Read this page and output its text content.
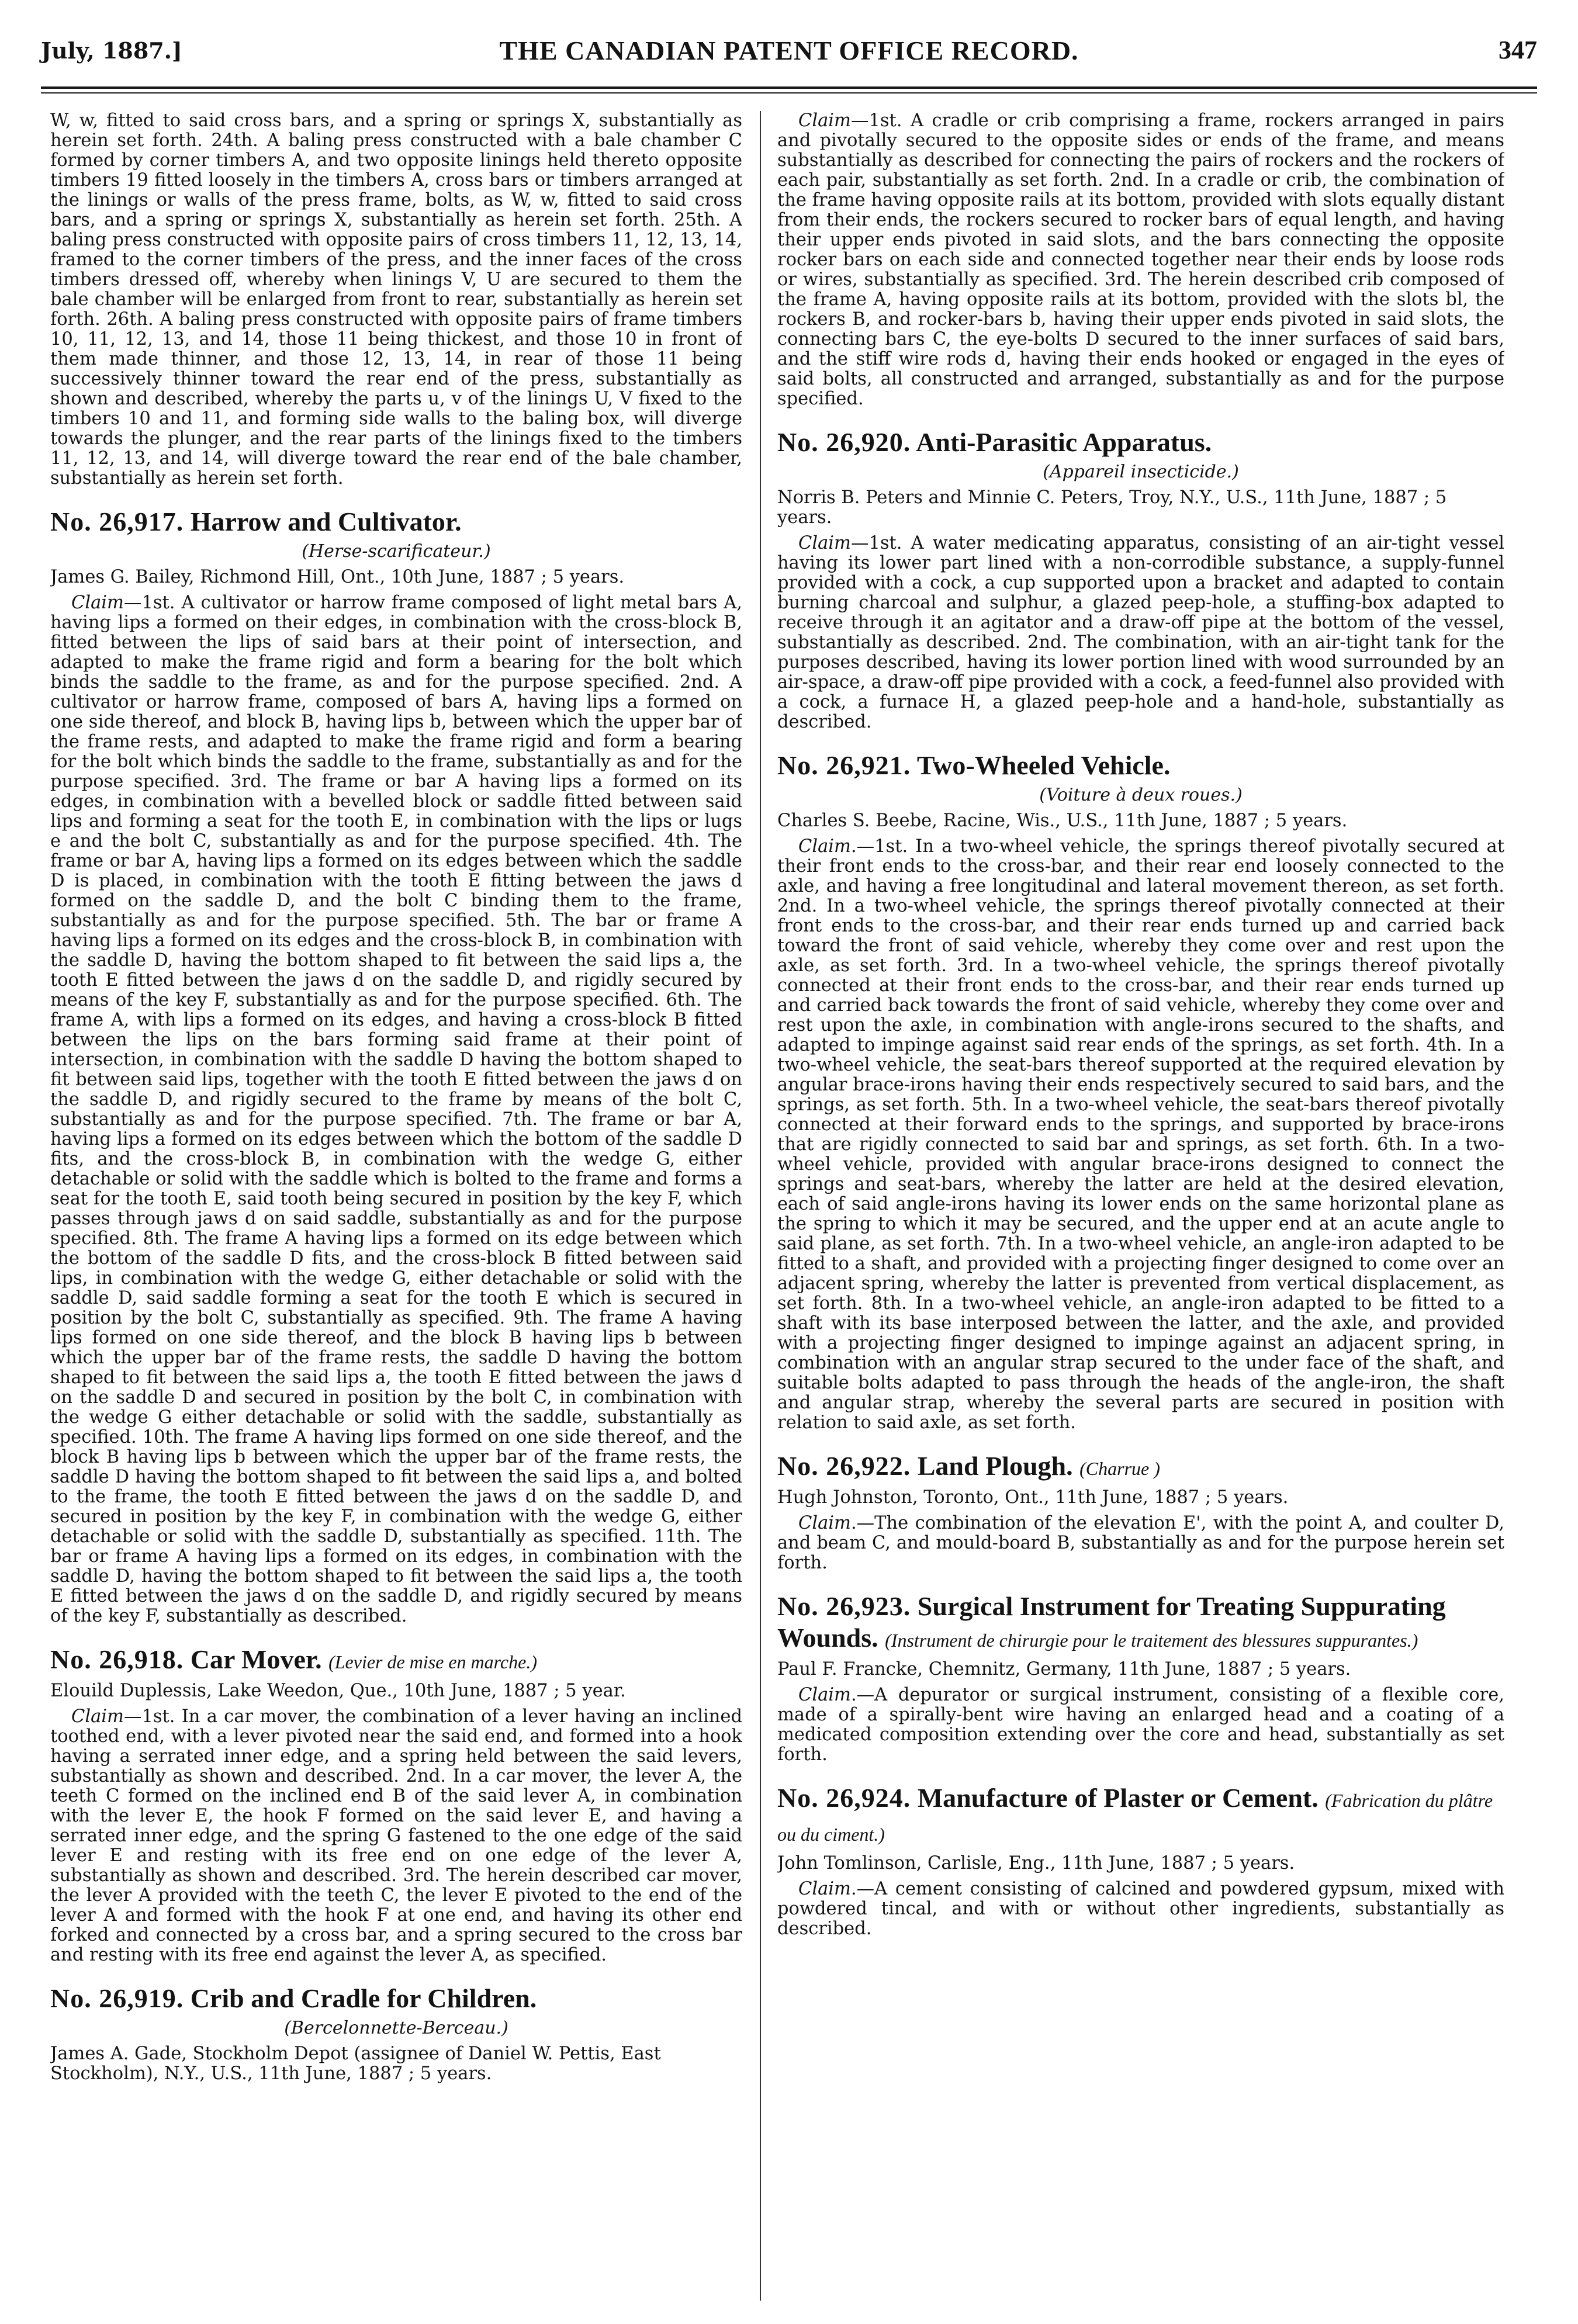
July, 1887.]	THE CANADIAN PATENT OFFICE RECORD.	347

W, w, fitted to said cross bars, and a spring or springs X, substantially as herein set forth. 24th. A baling press constructed with a bale chamber C formed by corner timbers A, and two opposite linings held thereto opposite timbers 19 fitted loosely in the timbers A, cross bars or timbers arranged at the linings or walls of the press frame, bolts, as W, w, fitted to said cross bars, and a spring or springs X, substantially as herein set forth. 25th. A baling press constructed with opposite pairs of cross timbers 11, 12, 13, 14, framed to the corner timbers of the press, and the inner faces of the cross timbers dressed off, whereby when linings V, U are secured to them the bale chamber will be enlarged from front to rear, substantially as herein set forth. 26th. A baling press constructed with opposite pairs of frame timbers 10, 11, 12, 13, and 14, those 11 being thickest, and those 10 in front of them made thinner, and those 12, 13, 14, in rear of those 11 being successively thinner toward the rear end of the press, substantially as shown and described, whereby the parts u, v of the linings U, V fixed to the timbers 10 and 11, and forming side walls to the baling box, will diverge towards the plunger, and the rear parts of the linings fixed to the timbers 11, 12, 13, and 14, will diverge toward the rear end of the bale chamber, substantially as herein set forth.

No. 26,917. Harrow and Cultivator.
(Herse-scarificateur.)
James G. Bailey, Richmond Hill, Ont., 10th June, 1887 ; 5 years.

Claim—1st. A cultivator or harrow frame composed of light metal bars A, having lips a formed on their edges, in combination with the cross-block B, fitted between the lips of said bars at their point of intersection, and adapted to make the frame rigid and form a bearing for the bolt which binds the saddle to the frame, as and for the purpose specified. 2nd. A cultivator or harrow frame, composed of bars A, having lips a formed on one side thereof, and block B, having lips b, between which the upper bar of the frame rests, and adapted to make the frame rigid and form a bearing for the bolt which binds the saddle to the frame, substantially as and for the purpose specified. 3rd. The frame or bar A having lips a formed on its edges, in combination with a bevelled block or saddle fitted between said lips and forming a seat for the tooth E, in combination with the lips or lugs e and the bolt C, substantially as and for the purpose specified. 4th. The frame or bar A, having lips a formed on its edges between which the saddle D is placed, in combination with the tooth E fitting between the jaws d formed on the saddle D, and the bolt C binding them to the frame, substantially as and for the purpose specified. 5th. The bar or frame A having lips a formed on its edges and the cross-block B, in combination with the saddle D, having the bottom shaped to fit between the said lips a, the tooth E fitted between the jaws d on the saddle D, and rigidly secured by means of the key F, substantially as and for the purpose specified. 6th. The frame A, with lips a formed on its edges, and having a cross-block B fitted between the lips on the bars forming said frame at their point of intersection, in combination with the saddle D having the bottom shaped to fit between said lips, together with the tooth E fitted between the jaws d on the saddle D, and rigidly secured to the frame by means of the bolt C, substantially as and for the purpose specified. 7th. The frame or bar A, having lips a formed on its edges between which the bottom of the saddle D fits, and the cross-block B, in combination with the wedge G, either detachable or solid with the saddle which is bolted to the frame and forms a seat for the tooth E, said tooth being secured in position by the key F, which passes through jaws d on said saddle, substantially as and for the purpose specified. 8th. The frame A having lips a formed on its edge between which the bottom of the saddle D fits, and the cross-block B fitted between said lips, in combination with the wedge G, either detachable or solid with the saddle D, said saddle forming a seat for the tooth E which is secured in position by the bolt C, substantially as specified. 9th. The frame A having lips formed on one side thereof, and the block B having lips b between which the upper bar of the frame rests, the saddle D having the bottom shaped to fit between the said lips a, the tooth E fitted between the jaws d on the saddle D and secured in position by the bolt C, in combination with the wedge G either detachable or solid with the saddle, substantially as specified. 10th. The frame A having lips formed on one side thereof, and the block B having lips b between which the upper bar of the frame rests, the saddle D having the bottom shaped to fit between the said lips a, and bolted to the frame, the tooth E fitted between the jaws d on the saddle D, and secured in position by the key F, in combination with the wedge G, either detachable or solid with the saddle D, substantially as specified. 11th. The bar or frame A having lips a formed on its edges, in combination with the saddle D, having the bottom shaped to fit between the said lips a, the tooth E fitted between the jaws d on the saddle D, and rigidly secured by means of the key F, substantially as described.

No. 26,918. Car Mover. (Levier de mise en marche.)
Elouild Duplessis, Lake Weedon, Que., 10th June, 1887 ; 5 year.

Claim—1st. In a car mover, the combination of a lever having an inclined toothed end, with a lever pivoted near the said end, and formed into a hook having a serrated inner edge, and a spring held between the said levers, substantially as shown and described. 2nd. In a car mover, the lever A, the teeth C formed on the inclined end B of the said lever A, in combination with the lever E, the hook F formed on the said lever E, and having a serrated inner edge, and the spring G fastened to the one edge of the said lever E and resting with its free end on one edge of the lever A, substantially as shown and described. 3rd. The herein described car mover, the lever A provided with the teeth C, the lever E pivoted to the end of the lever A and formed with the hook F at one end, and having its other end forked and connected by a cross bar, and a spring secured to the cross bar and resting with its free end against the lever A, as specified.

No. 26,919. Crib and Cradle for Children.
(Bercelonnette-Berceau.)
James A. Gade, Stockholm Depot (assignee of Daniel W. Pettis, East Stockholm), N.Y., U.S., 11th June, 1887 ; 5 years.

Claim—1st. A cradle or crib comprising a frame, rockers arranged in pairs and pivotally secured to the opposite sides or ends of the frame, and means substantially as described for connecting the pairs of rockers and the rockers of each pair, substantially as set forth. 2nd. In a cradle or crib, the combination of the frame having opposite rails at its bottom, provided with slots equally distant from their ends, the rockers secured to rocker bars of equal length, and having their upper ends pivoted in said slots, and the bars connecting the opposite rocker bars on each side and connected together near their ends by loose rods or wires, substantially as specified. 3rd. The herein described crib composed of the frame A, having opposite rails at its bottom, provided with the slots bl, the rockers B, and rocker-bars b, having their upper ends pivoted in said slots, the connecting bars C, the eye-bolts D secured to the inner surfaces of said bars, and the stiff wire rods d, having their ends hooked or engaged in the eyes of said bolts, all constructed and arranged, substantially as and for the purpose specified.

No. 26,920. Anti-Parasitic Apparatus.
(Appareil insecticide.)
Norris B. Peters and Minnie C. Peters, Troy, N.Y., U.S., 11th June, 1887 ; 5 years.

Claim—1st. A water medicating apparatus, consisting of an air-tight vessel having its lower part lined with a non-corrodible substance, a supply-funnel provided with a cock, a cup supported upon a bracket and adapted to contain burning charcoal and sulphur, a glazed peep-hole, a stuffing-box adapted to receive through it an agitator and a draw-off pipe at the bottom of the vessel, substantially as described. 2nd. The combination, with an air-tight tank for the purposes described, having its lower portion lined with wood surrounded by an air-space, a draw-off pipe provided with a cock, a feed-funnel also provided with a cock, a furnace H, a glazed peep-hole and a hand-hole, substantially as described.

No. 26,921. Two-Wheeled Vehicle.
(Voiture à deux roues.)
Charles S. Beebe, Racine, Wis., U.S., 11th June, 1887 ; 5 years.

Claim.—1st. In a two-wheel vehicle, the springs thereof pivotally secured at their front ends to the cross-bar, and their rear end loosely connected to the axle, and having a free longitudinal and lateral movement thereon, as set forth. 2nd. In a two-wheel vehicle, the springs thereof pivotally connected at their front ends to the cross-bar, and their rear ends turned up and carried back toward the front of said vehicle, whereby they come over and rest upon the axle, as set forth. 3rd. In a two-wheel vehicle, the springs thereof pivotally connected at their front ends to the cross-bar, and their rear ends turned up and carried back towards the front of said vehicle, whereby they come over and rest upon the axle, in combination with angle-irons secured to the shafts, and adapted to impinge against said rear ends of the springs, as set forth. 4th. In a two-wheel vehicle, the seat-bars thereof supported at the required elevation by angular brace-irons having their ends respectively secured to said bars, and the springs, as set forth. 5th. In a two-wheel vehicle, the seat-bars thereof pivotally connected at their forward ends to the springs, and supported by brace-irons that are rigidly connected to said bar and springs, as set forth. 6th. In a two-wheel vehicle, provided with angular brace-irons designed to connect the springs and seat-bars, whereby the latter are held at the desired elevation, each of said angle-irons having its lower ends on the same horizontal plane as the spring to which it may be secured, and the upper end at an acute angle to said plane, as set forth. 7th. In a two-wheel vehicle, an angle-iron adapted to be fitted to a shaft, and provided with a projecting finger designed to come over an adjacent spring, whereby the latter is prevented from vertical displacement, as set forth. 8th. In a two-wheel vehicle, an angle-iron adapted to be fitted to a shaft with its base interposed between the latter, and the axle, and provided with a projecting finger designed to impinge against an adjacent spring, in combination with an angular strap secured to the under face of the shaft, and suitable bolts adapted to pass through the heads of the angle-iron, the shaft and angular strap, whereby the several parts are secured in position with relation to said axle, as set forth.

No. 26,922. Land Plough. (Charrue )
Hugh Johnston, Toronto, Ont., 11th June, 1887 ; 5 years.

Claim.—The combination of the elevation E', with the point A, and coulter D, and beam C, and mould-board B, substantially as and for the purpose herein set forth.

No. 26,923. Surgical Instrument for Treating Suppurating Wounds. (Instrument de chirurgie pour le traitement des blessures suppurantes.)
Paul F. Francke, Chemnitz, Germany, 11th June, 1887 ; 5 years.

Claim.—A depurator or surgical instrument, consisting of a flexible core, made of a spirally-bent wire having an enlarged head and a coating of a medicated composition extending over the core and head, substantially as set forth.

No. 26,924. Manufacture of Plaster or Cement. (Fabrication du plâtre ou du ciment.)
John Tomlinson, Carlisle, Eng., 11th June, 1887 ; 5 years.

Claim.—A cement consisting of calcined and powdered gypsum, mixed with powdered tincal, and with or without other ingredients, substantially as described.
